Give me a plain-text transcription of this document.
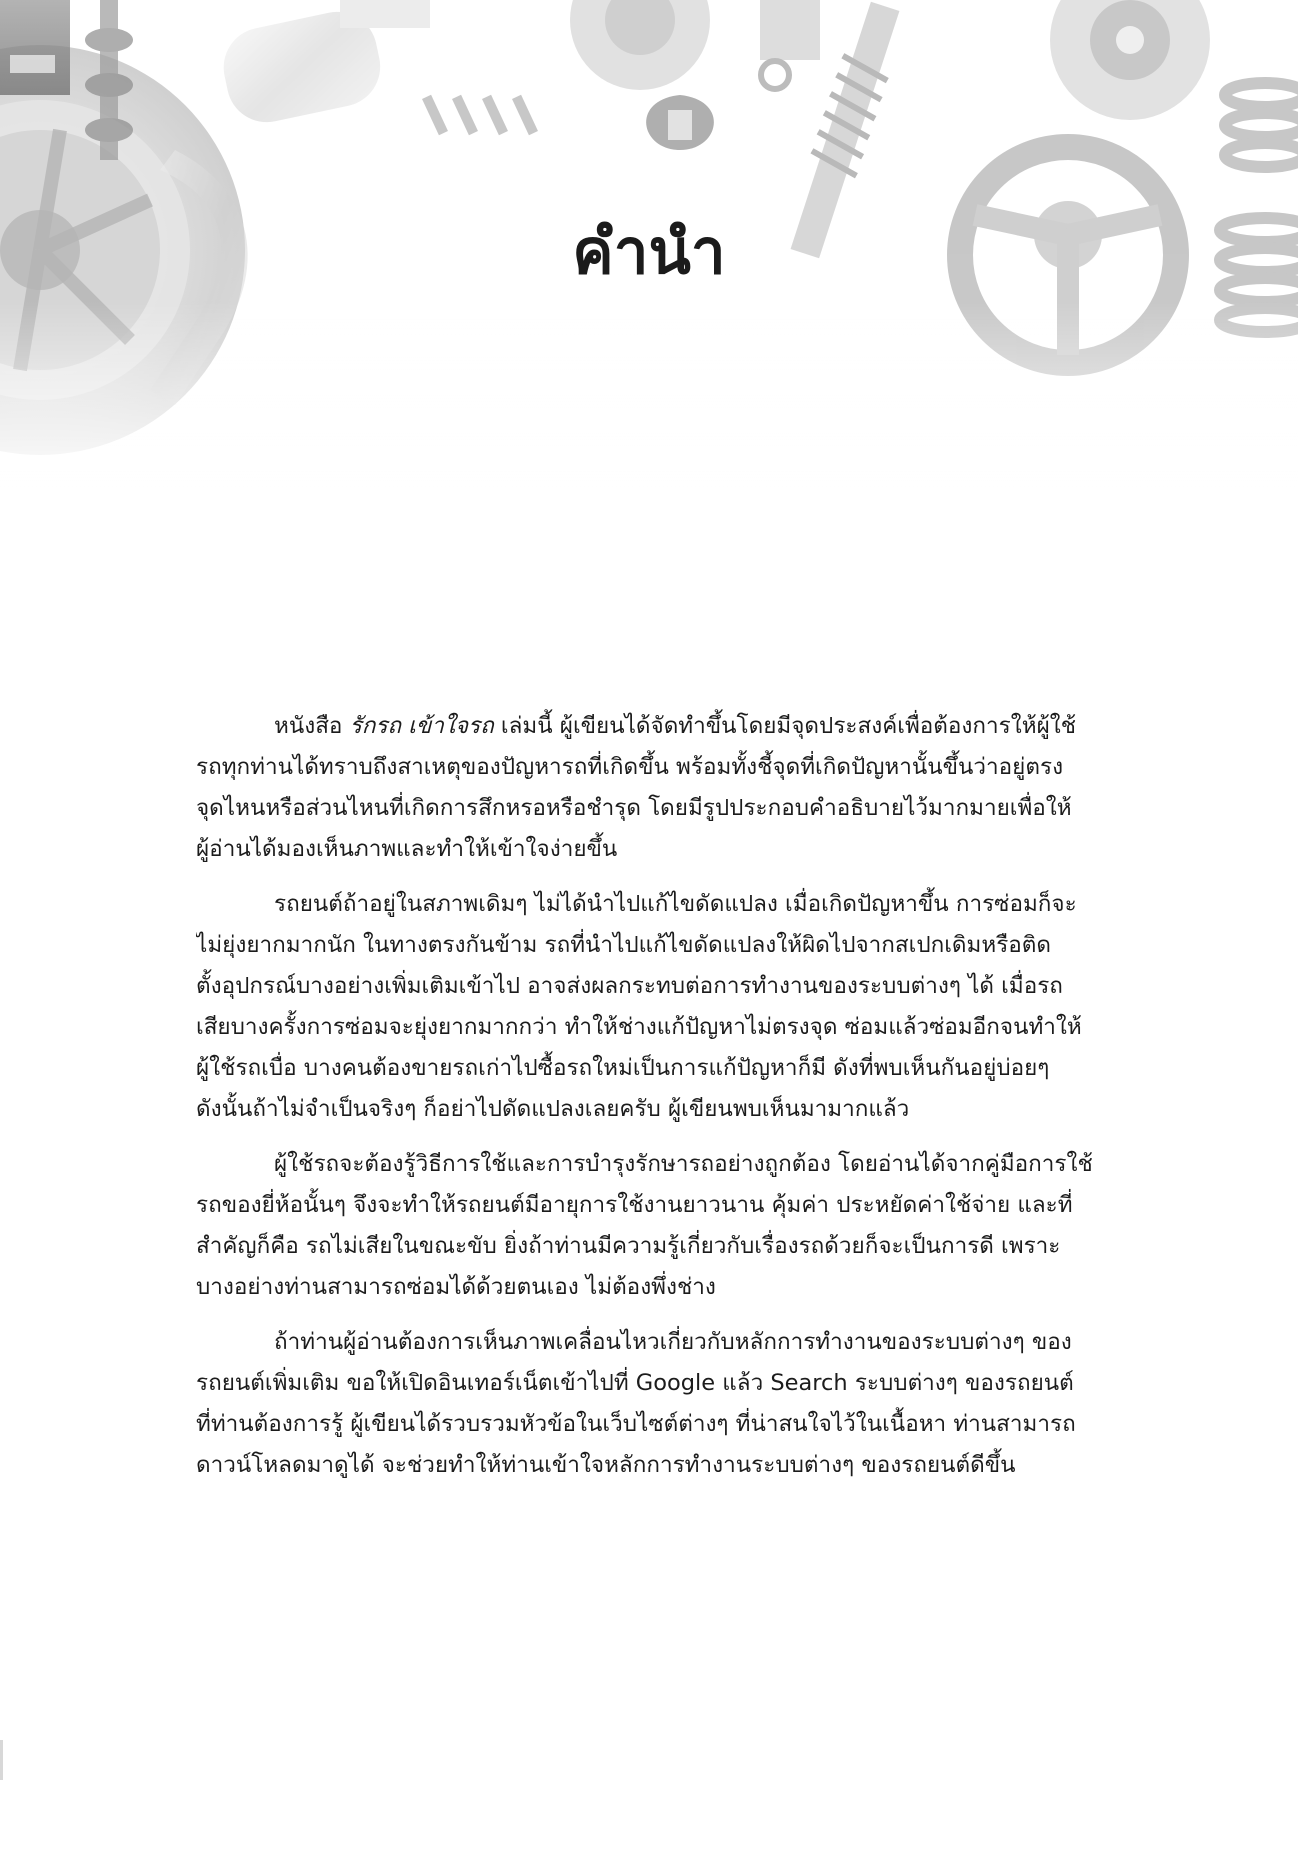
คำนำ

หนังสือ รักรถ เข้าใจรถ เล่มนี้ ผู้เขียนได้จัดทำขึ้นโดยมีจุดประสงค์เพื่อต้องการให้ผู้ใช้
รถทุกท่านได้ทราบถึงสาเหตุของปัญหารถที่เกิดขึ้น พร้อมทั้งชี้จุดที่เกิดปัญหานั้นขึ้นว่าอยู่ตรง
จุดไหนหรือส่วนไหนที่เกิดการสึกหรอหรือชำรุด โดยมีรูปประกอบคำอธิบายไว้มากมายเพื่อให้
ผู้อ่านได้มองเห็นภาพและทำให้เข้าใจง่ายขึ้น

รถยนต์ถ้าอยู่ในสภาพเดิมๆ ไม่ได้นำไปแก้ไขดัดแปลง เมื่อเกิดปัญหาขึ้น การซ่อมก็จะ
ไม่ยุ่งยากมากนัก ในทางตรงกันข้าม รถที่นำไปแก้ไขดัดแปลงให้ผิดไปจากสเปกเดิมหรือติด
ตั้งอุปกรณ์บางอย่างเพิ่มเติมเข้าไป อาจส่งผลกระทบต่อการทำงานของระบบต่างๆ ได้ เมื่อรถ
เสียบางครั้งการซ่อมจะยุ่งยากมากกว่า ทำให้ช่างแก้ปัญหาไม่ตรงจุด ซ่อมแล้วซ่อมอีกจนทำให้
ผู้ใช้รถเบื่อ บางคนต้องขายรถเก่าไปซื้อรถใหม่เป็นการแก้ปัญหาก็มี ดังที่พบเห็นกันอยู่บ่อยๆ
ดังนั้นถ้าไม่จำเป็นจริงๆ ก็อย่าไปดัดแปลงเลยครับ ผู้เขียนพบเห็นมามากแล้ว

ผู้ใช้รถจะต้องรู้วิธีการใช้และการบำรุงรักษารถอย่างถูกต้อง โดยอ่านได้จากคู่มือการใช้
รถของยี่ห้อนั้นๆ จึงจะทำให้รถยนต์มีอายุการใช้งานยาวนาน คุ้มค่า ประหยัดค่าใช้จ่าย และที่
สำคัญก็คือ รถไม่เสียในขณะขับ ยิ่งถ้าท่านมีความรู้เกี่ยวกับเรื่องรถด้วยก็จะเป็นการดี เพราะ
บางอย่างท่านสามารถซ่อมได้ด้วยตนเอง ไม่ต้องพึ่งช่าง

ถ้าท่านผู้อ่านต้องการเห็นภาพเคลื่อนไหวเกี่ยวกับหลักการทำงานของระบบต่างๆ ของ
รถยนต์เพิ่มเติม ขอให้เปิดอินเทอร์เน็ตเข้าไปที่ Google แล้ว Search ระบบต่างๆ ของรถยนต์
ที่ท่านต้องการรู้ ผู้เขียนได้รวบรวมหัวข้อในเว็บไซต์ต่างๆ ที่น่าสนใจไว้ในเนื้อหา ท่านสามารถ
ดาวน์โหลดมาดูได้ จะช่วยทำให้ท่านเข้าใจหลักการทำงานระบบต่างๆ ของรถยนต์ดีขึ้น
